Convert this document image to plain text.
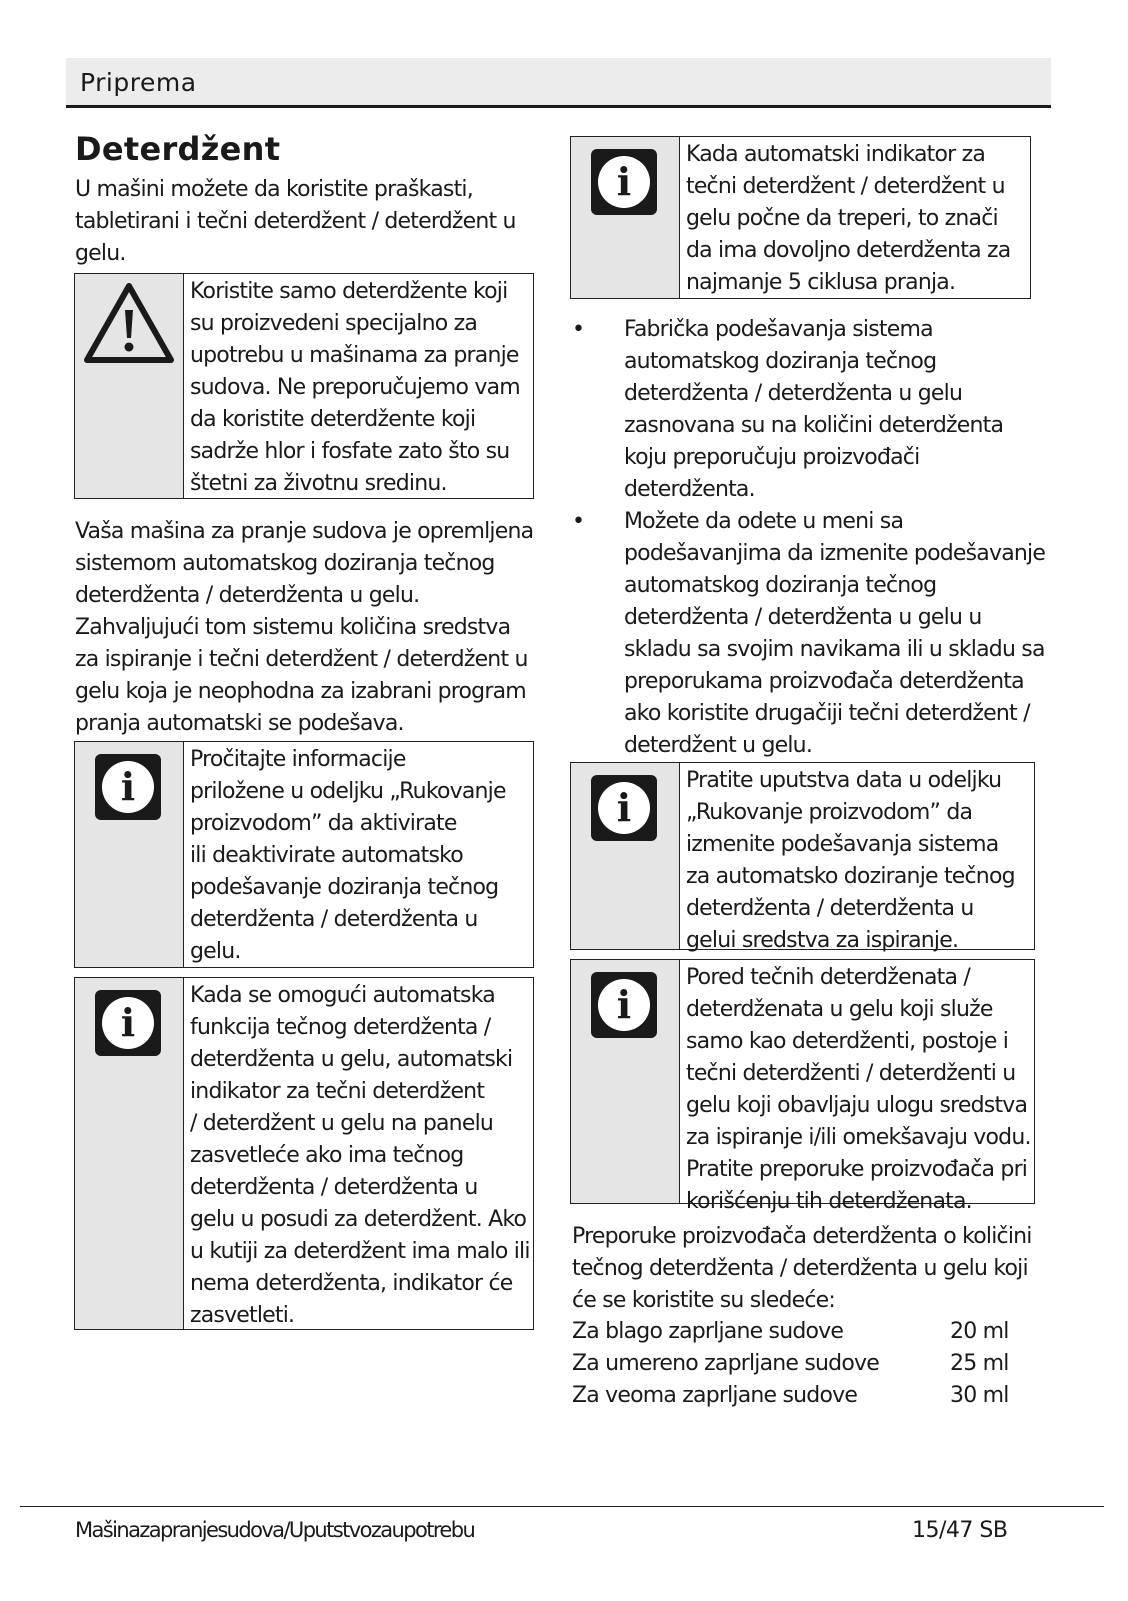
Priprema
Deterdžent

U mašini možete da koristite praškasti,
tabletirani i tečni deterdžent / deterdžent u
gelu.

Koristite samo deterdžente koji
su proizvedeni specijalno za
upotrebu u mašinama za pranje
sudova. Ne preporučujemo vam
da koristite deterdžente koji
sadrže hlor i fosfate zato što su
štetni za životnu sredinu.

Vaša mašina za pranje sudova je opremljena
sistemom automatskog doziranja tečnog
deterdženta / deterdženta u gelu.
Zahvaljujući tom sistemu količina sredstva
za ispiranje i tečni deterdžent / deterdžent u
gelu koja je neophodna za izabrani program
pranja automatski se podešava.

i

Pročitajte informacije
priložene u odeljku „Rukovanje
proizvodom” da aktivirate
ili deaktivirate automatsko
podešavanje doziranja tečnog
deterdženta / deterdženta u
gelu.

i

Kada se omogući automatska
funkcija tečnog deterdženta /
deterdženta u gelu, automatski
indikator za tečni deterdžent
/ deterdžent u gelu na panelu
zasvetleće ako ima tečnog
deterdženta / deterdženta u
gelu u posudi za deterdžent. Ako
u kutiji za deterdžent ima malo ili
nema deterdženta, indikator će
zasvetleti.

i

Kada automatski indikator za
tečni deterdžent / deterdžent u
gelu počne da treperi, to znači
da ima dovoljno deterdženta za
najmanje 5 ciklusa pranja.

• Fabrička podešavanja sistema
automatskog doziranja tečnog
deterdženta / deterdženta u gelu
zasnovana su na količini deterdženta
koju preporučuju proizvođači
deterdženta.
• Možete da odete u meni sa
podešavanjima da izmenite podešavanje
automatskog doziranja tečnog
deterdženta / deterdženta u gelu u
skladu sa svojim navikama ili u skladu sa
preporukama proizvođača deterdženta
ako koristite drugačiji tečni deterdžent /
deterdžent u gelu.
i

Pratite uputstva data u odeljku
„Rukovanje proizvodom” da
izmenite podešavanja sistema
za automatsko doziranje tečnog
deterdženta / deterdženta u
gelui sredstva za ispiranje.

i

Pored tečnih deterdženata /
deterdženata u gelu koji služe
samo kao deterdženti, postoje i
tečni deterdženti / deterdženti u
gelu koji obavljaju ulogu sredstva
za ispiranje i/ili omekšavaju vodu.
Pratite preporuke proizvođača pri
korišćenju tih deterdženata.

Preporuke proizvođača deterdženta o količini
tečnog deterdženta / deterdženta u gelu koji
će se koristite su sledeće:

Za blago zaprljane sudove	20 ml
Za umereno zaprljane sudove	25 ml
Za veoma zaprljane sudove	30 ml
Mašinazapranjesudova/Uputstvozaupotrebu	15/47 SB
